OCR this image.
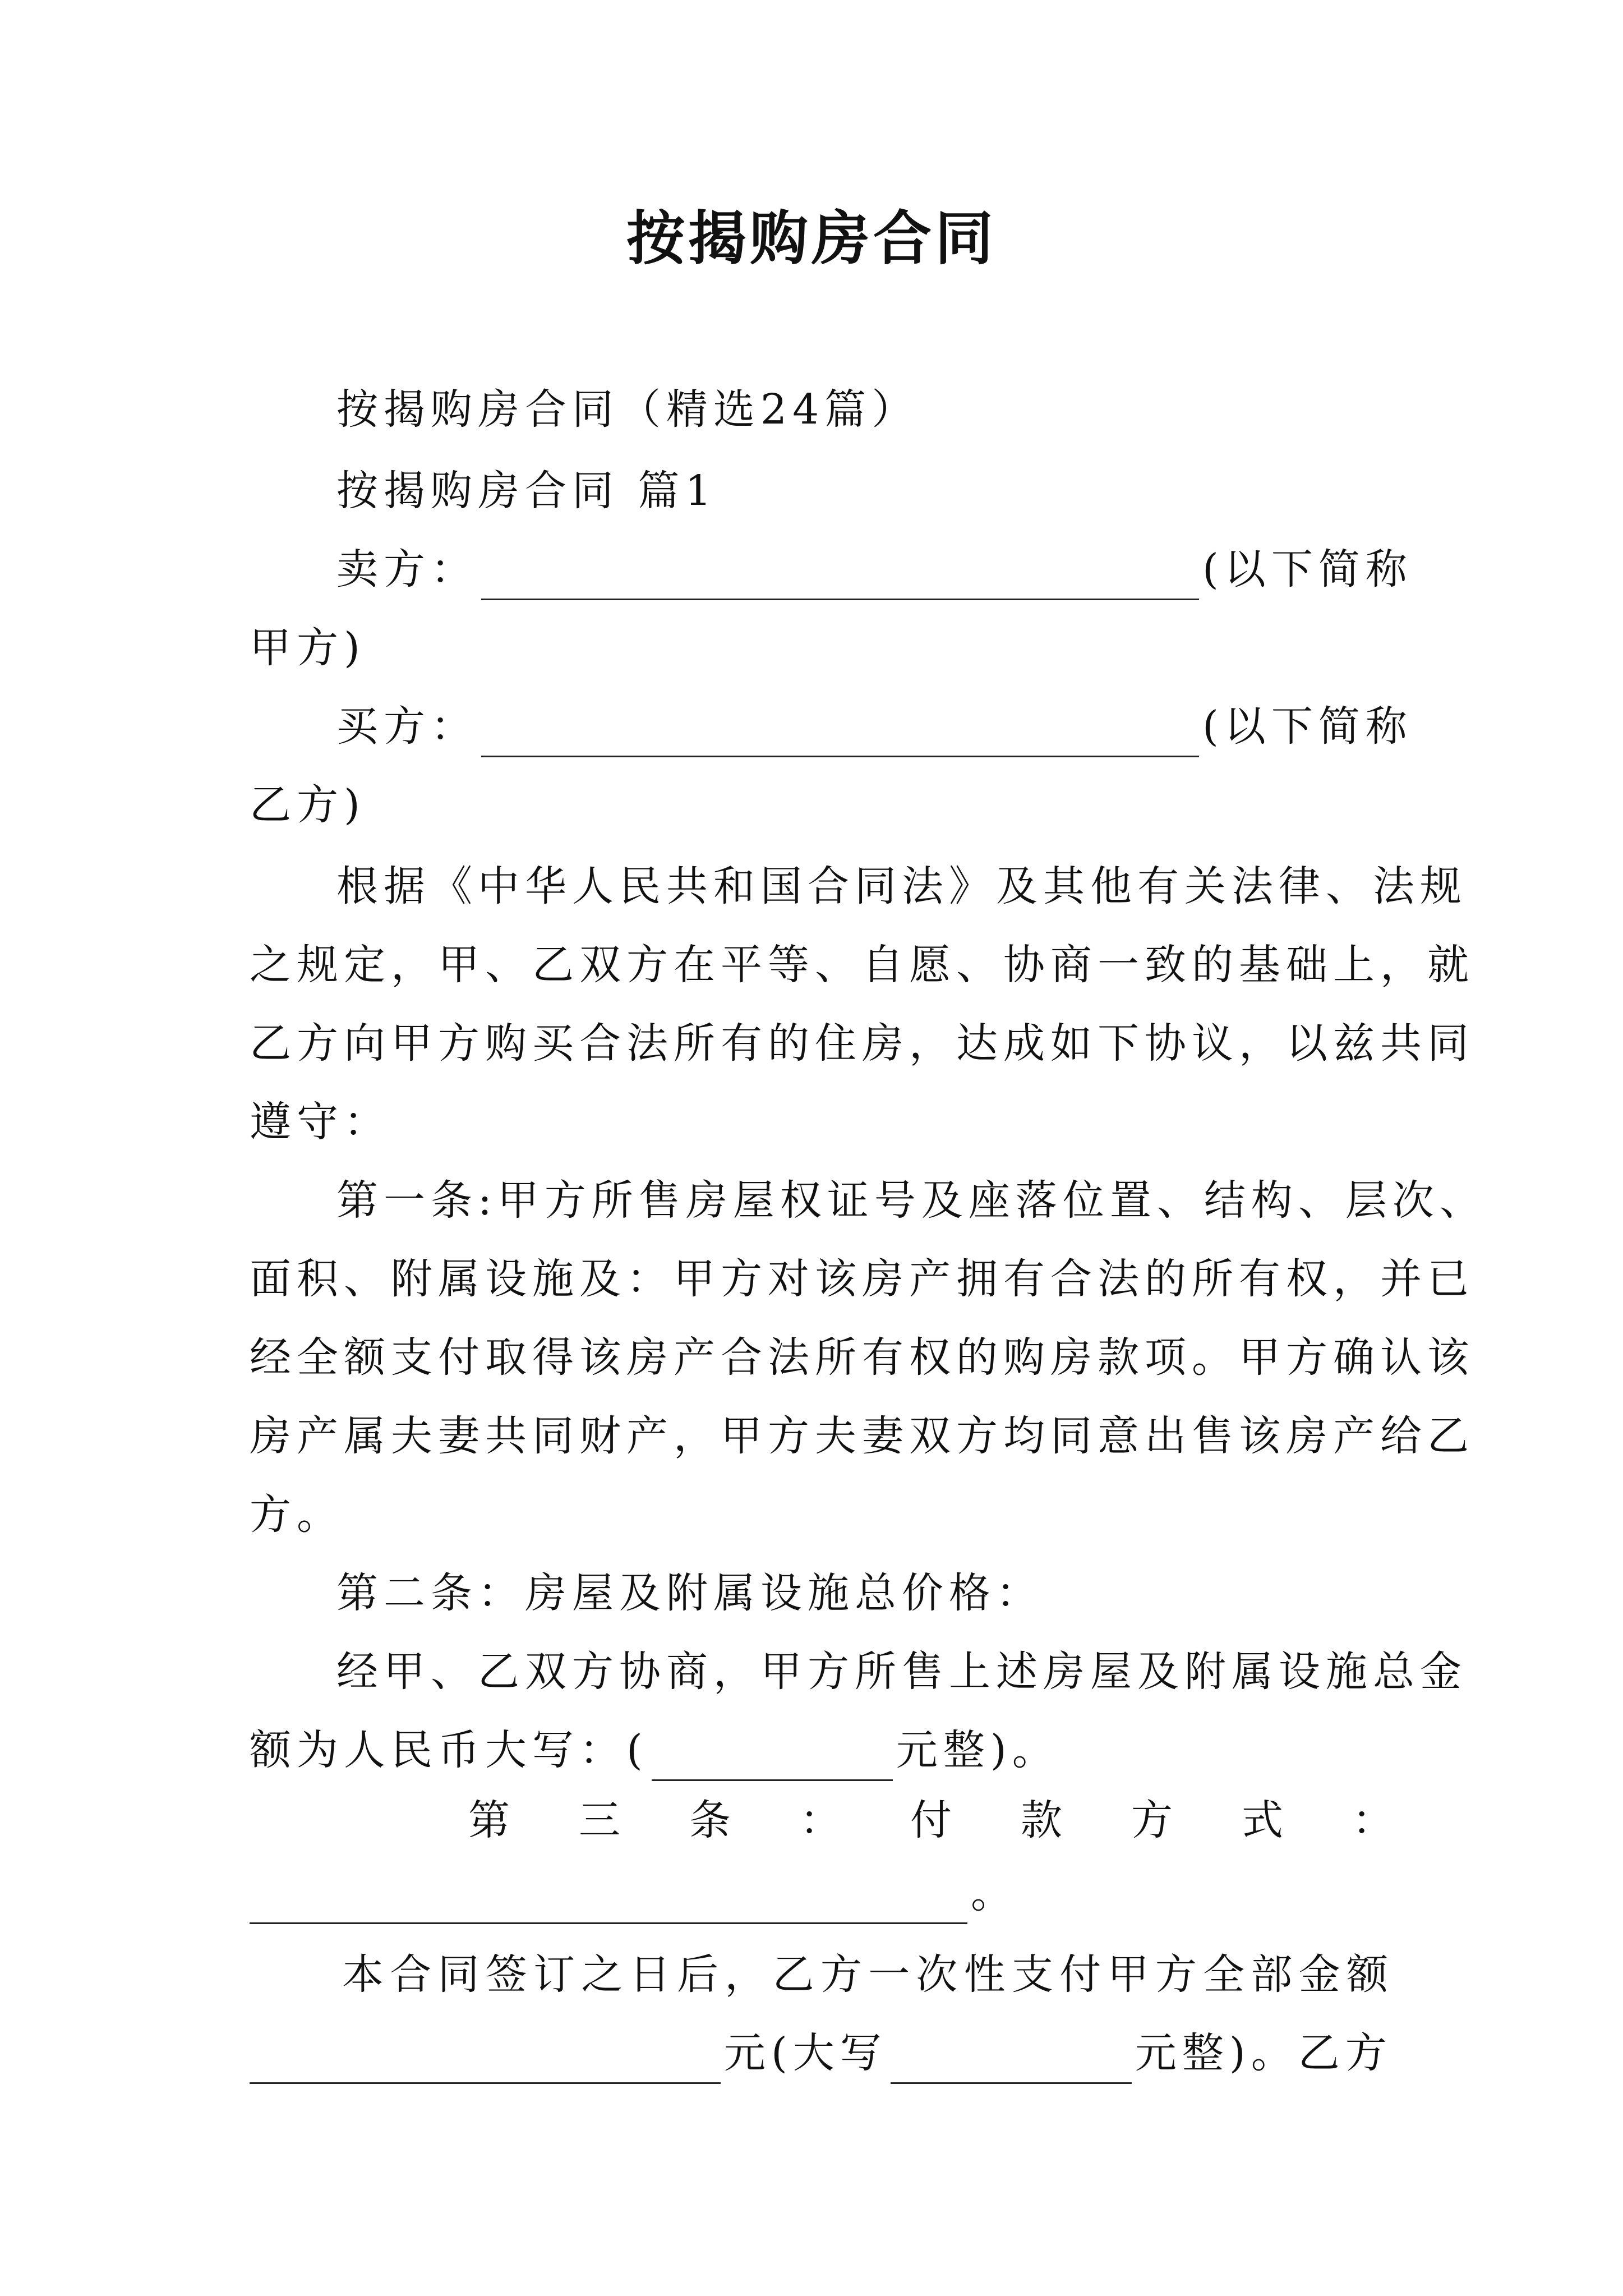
按揭购房合同
按揭购房合同（精选24篇）
按揭购房合同 篇1
卖方：	(以下简称
甲方)
买方：	(以下简称
乙方)
根据《中华人民共和国合同法》及其他有关法律、法规
之规定，甲、乙双方在平等、自愿、协商一致的基础上，就
乙方向甲方购买合法所有的住房，达成如下协议，以兹共同
遵守：
第一条:甲方所售房屋权证号及座落位置、结构、层次、
面积、附属设施及：甲方对该房产拥有合法的所有权，并已
经全额支付取得该房产合法所有权的购房款项。甲方确认该
房产属夫妻共同财产，甲方夫妻双方均同意出售该房产给乙
方。
第二条：房屋及附属设施总价格：
经甲、乙双方协商，甲方所售上述房屋及附属设施总金
额为人民币大写：(	元整)。
第三条：付款方式：
。
本合同签订之日后，乙方一次性支付甲方全部金额
元(大写	元整)。乙方
